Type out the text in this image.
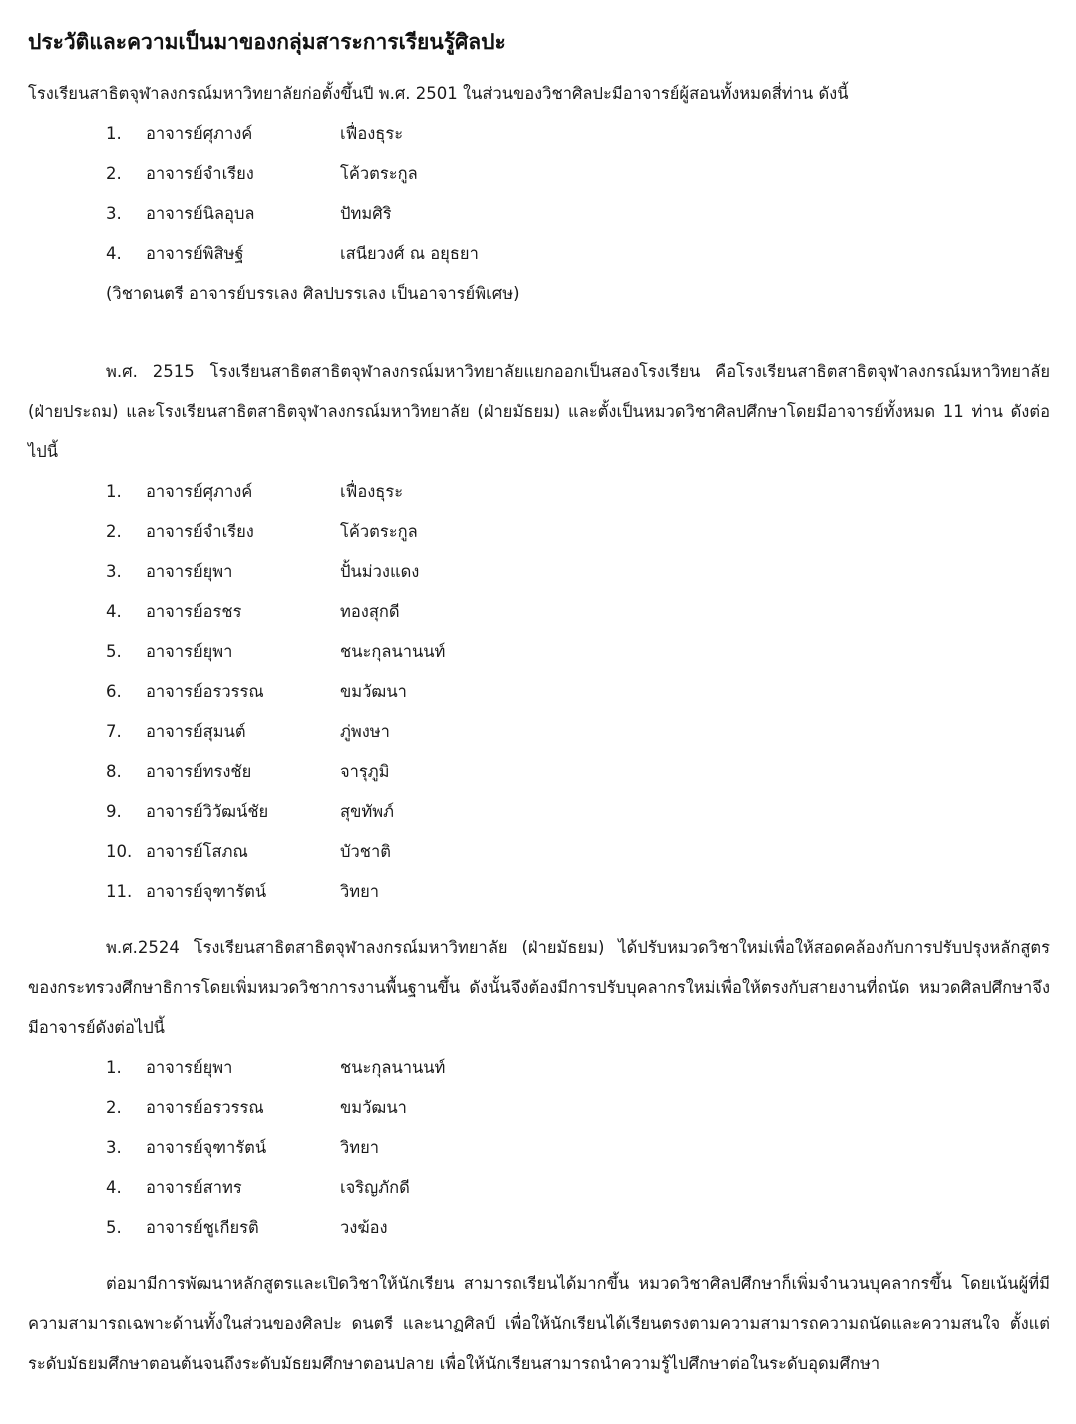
ประวัติและความเป็นมาของกลุ่มสาระการเรียนรู้ศิลปะ

โรงเรียนสาธิตจุฬาลงกรณ์มหาวิทยาลัยก่อตั้งขึ้นปี พ.ศ. 2501 ในส่วนของวิชาศิลปะมีอาจารย์ผู้สอนทั้งหมดสี่ท่าน ดังนี้

1.	อาจารย์ศุภางค์	เฟื่องธุระ
2.	อาจารย์จำเรียง	โค้วตระกูล
3.	อาจารย์นิลอุบล	ปัทมศิริ
4.	อาจารย์พิสิษฐ์	เสนียวงศ์ ณ อยุธยา

(วิชาดนตรี อาจารย์บรรเลง ศิลปบรรเลง เป็นอาจารย์พิเศษ)

พ.ศ. 2515 โรงเรียนสาธิตสาธิตจุฬาลงกรณ์มหาวิทยาลัยแยกออกเป็นสองโรงเรียน คือโรงเรียนสาธิตสาธิตจุฬาลงกรณ์มหาวิทยาลัย (ฝ่ายประถม) และโรงเรียนสาธิตสาธิตจุฬาลงกรณ์มหาวิทยาลัย (ฝ่ายมัธยม) และตั้งเป็นหมวดวิชาศิลปศึกษาโดยมีอาจารย์ทั้งหมด 11 ท่าน ดังต่อไปนี้

1.	อาจารย์ศุภางค์	เฟื่องธุระ
2.	อาจารย์จำเรียง	โค้วตระกูล
3.	อาจารย์ยุพา	ปั้นม่วงแดง
4.	อาจารย์อรชร	ทองสุกดี
5.	อาจารย์ยุพา	ชนะกุลนานนท์
6.	อาจารย์อรวรรณ	ขมวัฒนา
7.	อาจารย์สุมนต์	ภู่พงษา
8.	อาจารย์ทรงชัย	จารุภูมิ
9.	อาจารย์วิวัฒน์ชัย	สุขทัพภ์
10. อาจารย์โสภณ	บัวชาติ
11. อาจารย์จุฑารัตน์	วิทยา

พ.ศ.2524 โรงเรียนสาธิตสาธิตจุฬาลงกรณ์มหาวิทยาลัย (ฝ่ายมัธยม) ได้ปรับหมวดวิชาใหม่เพื่อให้สอดคล้องกับการปรับปรุงหลักสูตรของกระทรวงศึกษาธิการโดยเพิ่มหมวดวิชาการงานพื้นฐานขึ้น ดังนั้นจึงต้องมีการปรับบุคลากรใหม่เพื่อให้ตรงกับสายงานที่ถนัด หมวดศิลปศึกษาจึงมีอาจารย์ดังต่อไปนี้

1.	อาจารย์ยุพา	ชนะกุลนานนท์
2.	อาจารย์อรวรรณ	ขมวัฒนา
3.	อาจารย์จุฑารัตน์	วิทยา
4.	อาจารย์สาทร	เจริญภักดี
5.	อาจารย์ชูเกียรติ	วงฆ้อง

ต่อมามีการพัฒนาหลักสูตรและเปิดวิชาให้นักเรียน สามารถเรียนได้มากขึ้น หมวดวิชาศิลปศึกษาก็เพิ่มจำนวนบุคลากรขึ้น โดยเน้นผู้ที่มีความสามารถเฉพาะด้านทั้งในส่วนของศิลปะ ดนตรี และนาฏศิลป์ เพื่อให้นักเรียนได้เรียนตรงตามความสามารถความถนัดและความสนใจ ตั้งแต่ระดับมัธยมศึกษาตอนต้นจนถึงระดับมัธยมศึกษาตอนปลาย เพื่อให้นักเรียนสามารถนำความรู้ไปศึกษาต่อในระดับอุดมศึกษา
